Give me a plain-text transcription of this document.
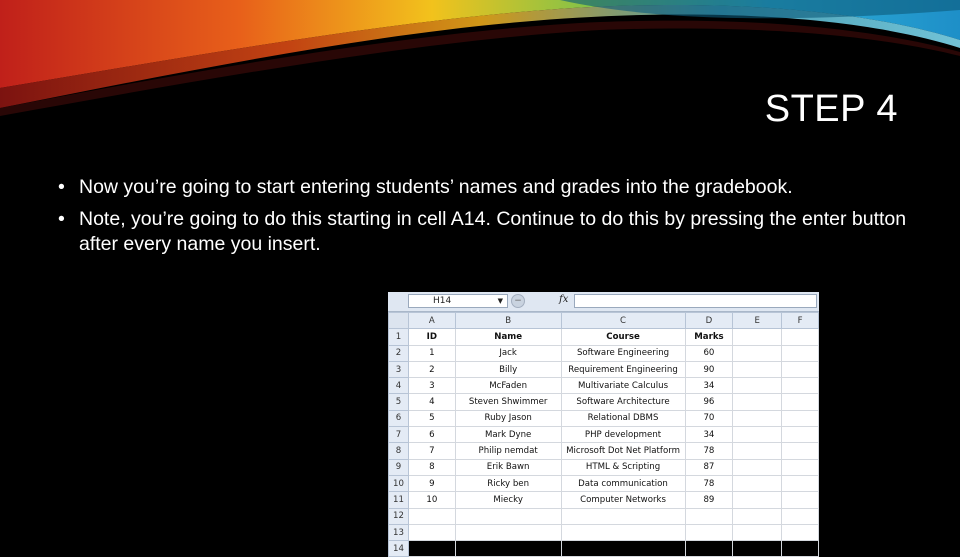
STEP 4
• Now you’re going to start entering students’ names and grades into the gradebook.
• Note, you’re going to do this starting in cell A14. Continue to do this by pressing the enter button after every name you insert.
H14	▼	−	fx
	A	B	C	D	E	F
1	ID	Name	Course	Marks		
2	1	Jack	Software Engineering	60		
3	2	Billy	Requirement Engineering	90		
4	3	McFaden	Multivariate Calculus	34		
5	4	Steven Shwimmer	Software Architecture	96		
6	5	Ruby Jason	Relational DBMS	70		
7	6	Mark Dyne	PHP development	34		
8	7	Philip nemdat	Microsoft Dot Net Platform	78		
9	8	Erik Bawn	HTML & Scripting	87		
10	9	Ricky ben	Data communication	78		
11	10	Miecky	Computer Networks	89		
12						
13						
14						
